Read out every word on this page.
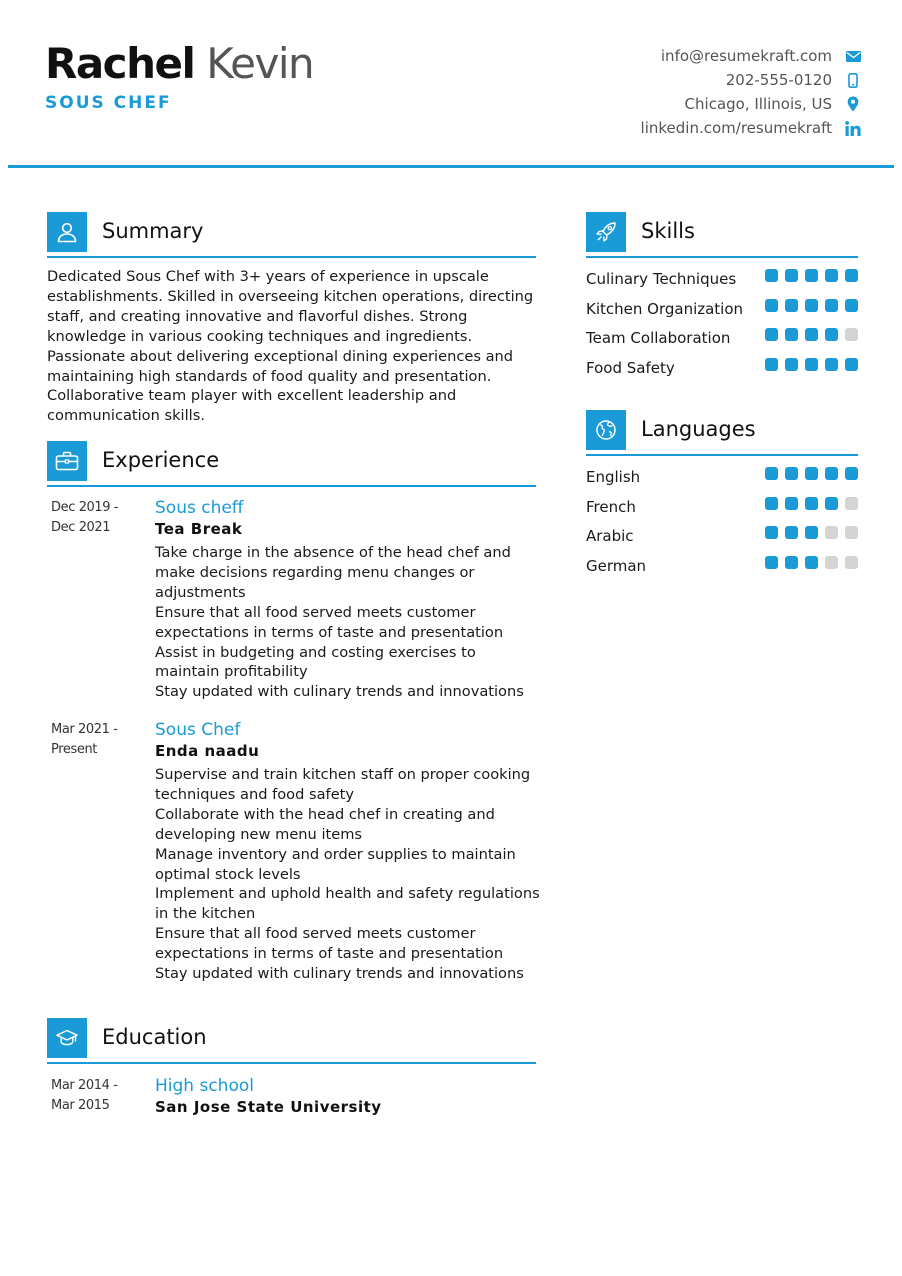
Rachel Kevin
SOUS CHEF
info@resumekraft.com
202-555-0120
Chicago, Illinois, US
linkedin.com/resumekraft
Summary
Dedicated Sous Chef with 3+ years of experience in upscale establishments. Skilled in overseeing kitchen operations, directing staff, and creating innovative and flavorful dishes. Strong knowledge in various cooking techniques and ingredients. Passionate about delivering exceptional dining experiences and maintaining high standards of food quality and presentation. Collaborative team player with excellent leadership and communication skills.
Experience
Dec 2019 -
Dec 2021
Sous cheff
Tea Break
Take charge in the absence of the head chef and make decisions regarding menu changes or adjustments
Ensure that all food served meets customer expectations in terms of taste and presentation
Assist in budgeting and costing exercises to maintain profitability
Stay updated with culinary trends and innovations
Mar 2021 -
Present
Sous Chef
Enda naadu
Supervise and train kitchen staff on proper cooking techniques and food safety
Collaborate with the head chef in creating and developing new menu items
Manage inventory and order supplies to maintain optimal stock levels
Implement and uphold health and safety regulations in the kitchen
Ensure that all food served meets customer expectations in terms of taste and presentation
Stay updated with culinary trends and innovations
Education
Mar 2014 -
Mar 2015
High school
San Jose State University
Skills
Culinary Techniques
Kitchen Organization
Team Collaboration
Food Safety
Languages
English
French
Arabic
German
